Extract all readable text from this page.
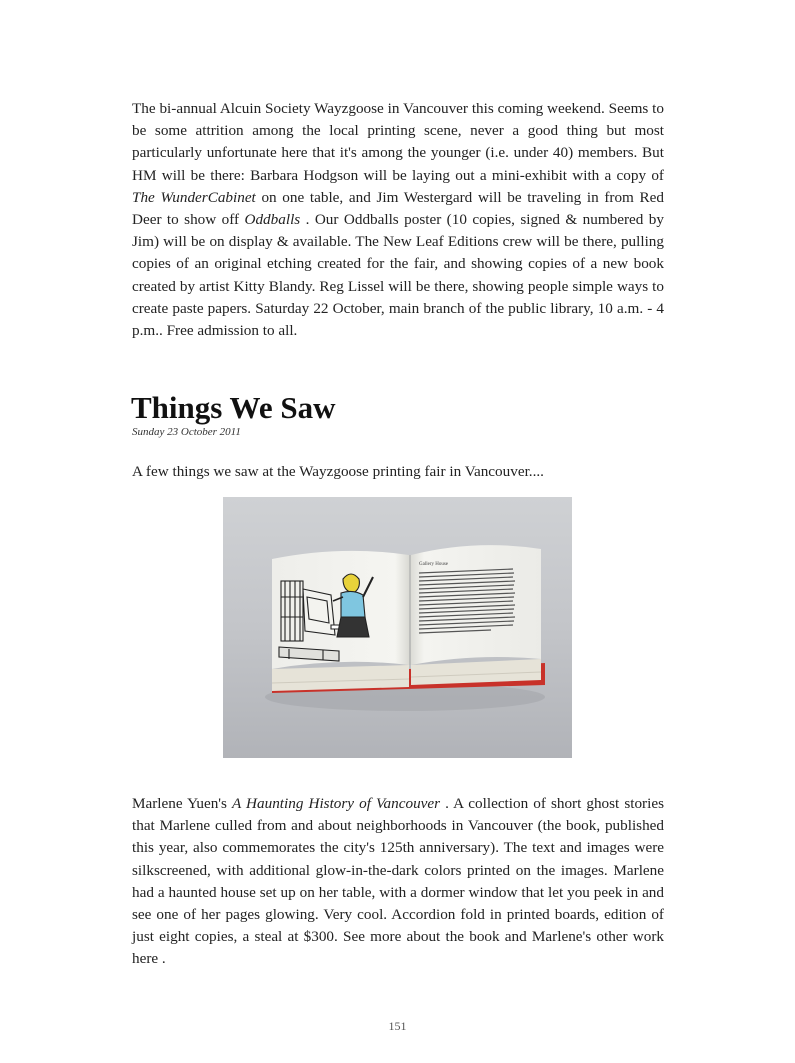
The bi-annual Alcuin Society Wayzgoose in Vancouver this coming weekend. Seems to be some attrition among the local printing scene, never a good thing but most particularly unfortunate here that it's among the younger (i.e. under 40) members. But HM will be there: Barbara Hodgson will be laying out a mini-exhibit with a copy of The WunderCabinet on one table, and Jim Westergard will be traveling in from Red Deer to show off Oddballs . Our Oddballs poster (10 copies, signed & numbered by Jim) will be on display & available. The New Leaf Editions crew will be there, pulling copies of an original etching created for the fair, and showing copies of a new book created by artist Kitty Blandy. Reg Lissel will be there, showing people simple ways to create paste papers. Saturday 22 October, main branch of the public library, 10 a.m. - 4 p.m.. Free admission to all.

Things We Saw
Sunday 23 October 2011

A few things we saw at the Wayzgoose printing fair in Vancouver....

Gallery House

Marlene Yuen's A Haunting History of Vancouver . A collection of short ghost stories that Marlene culled from and about neighborhoods in Vancouver (the book, published this year, also commemorates the city's 125th anniversary). The text and images were silkscreened, with additional glow-in-the-dark colors printed on the images. Marlene had a haunted house set up on her table, with a dormer window that let you peek in and see one of her pages glowing. Very cool. Accordion fold in printed boards, edition of just eight copies, a steal at $300. See more about the book and Marlene's other work here .

151
